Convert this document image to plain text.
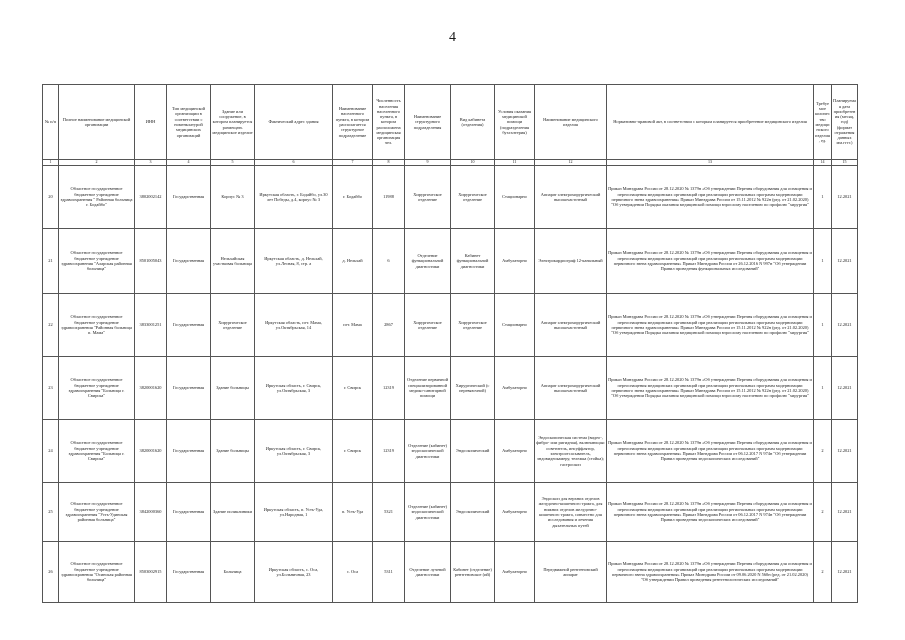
4
№ п/п	Полное наименование медицинской организации	ИНН	Тип медицинской организации в соответствии с номенклатурой медицинских организаций	Здание или сооружение, в котором планируется размещать медицинское изделие	Фактический адрес здания	Наименование населенного пункта, в котором располагается структурное подразделение	Численность населения населенного пункта, в котором расположена медицинская организация чел.	Наименование структурного подразделения	Вид кабинета (отделения)	Условия оказания медицинской помощи (подразделения бухгалтерия)	Наименование медицинского изделия	Нормативно-правовой акт, в соответствии с которым планируется приобретение медицинского изделия	Требуемое количество медицинского изделия, ед.	Планируемая дата приобретения (месяц, год) (формат отражения данных мм.гггг.)
1	2	3	4	5	6	7	8	9	10	11	12	13	14	15
20	Областное государственное бюджетное учреждение здравоохранения " Районная больница г. Бодайбо"	3802002142	Государственная	Корпус № 3	Иркутская область, г. Бодайбо, ул.30 лет Победы, д.4, корпус № 3	г. Бодайбо	11988	Хирургическое отделение	Хирургическое отделение	Стационарно	Аппарат электрохирургический высокочастотный	Приказ Минздрава России от 28.12.2020 № 1379н «Об утверждении Перечня оборудования для оснащения и переоснащения медицинских организаций при реализации региональных программ модернизации первичного звена здравоохранения» Приказ Минздрава России от 15.11.2012 № 922н (ред. от 21.02.2020) "Об утверждении Порядка оказания медицинской помощи взрослому населению по профилю "хирургия"	1	12.2021
21	Областное государственное бюджетное учреждение здравоохранения "Аларская районная больница"	8501005043	Государственная	Нельхайская участковая больница	Иркутская область, д. Нельхай, ул.Лесная, 8, стр. а	д. Нельхай	6	Отделение функциональной диагностики	Кабинет функциональной диагностики	Амбулаторно	Электрокардиограф 12-канальный	Приказ Минздрава России от 28.12.2020 № 1379н «Об утверждении Перечня оборудования для оснащения и переоснащения медицинских организаций при реализации региональных программ модернизации первичного звена здравоохранения» Приказ Минздрава России от 26.12.2016 N 997н "Об утверждении Правил проведения функциональных исследований"	1	12.2021
22	Областное государственное бюджетное учреждение здравоохранения "Районная больница п. Мама"	3833001251	Государственная	Хирургическое отделение	Иркутская область, пгт. Мама, ул.Октябрьская, 14	пгт. Мама	2867	Хирургическое отделение	Хирургическое отделение	Стационарно	Аппарат электрохирургический высокочастотный	Приказ Минздрава России от 28.12.2020 № 1379н «Об утверждении Перечня оборудования для оснащения и переоснащения медицинских организаций при реализации региональных программ модернизации первичного звена здравоохранения» Приказ Минздрава России от 15.11.2012 № 922н (ред. от 21.02.2020) "Об утверждении Порядка оказания медицинской помощи взрослому населению по профилю "хирургия"	1	12.2021
23	Областное государственное бюджетное учреждение здравоохранения "Больница г. Свирска"	3820001620	Государственная	Здание больницы	Иркутская область, г. Свирск, ул.Октябрьская, 3	г. Свирск	12319	Отделение первичной специализированной медико-санитарной помощи	Хирургический (с перевязочной)	Амбулаторно	Аппарат электрохирургический высокочастотный	Приказ Минздрава России от 28.12.2020 № 1379н «Об утверждении Перечня оборудования для оснащения и переоснащения медицинских организаций при реализации региональных программ модернизации первичного звена здравоохранения» Приказ Минздрава России от 15.11.2012 № 922н (ред. от 21.02.2020) "Об утверждении Порядка оказания медицинской помощи взрослому населению по профилю "хирургия"	1	12.2021
24	Областное государственное бюджетное учреждение здравоохранения "Больница г. Свирска"	3820001620	Государственная	Здание больницы	Иркутская область, г. Свирск, ул.Октябрьская, 3	г. Свирск	12319	Отделение (кабинет) эндоскопической диагностики	Эндоскопический	Амбулаторно	Эндоскопическая система (видео-, фибро- или ригидная), включающая: осветитель, инсуффлятор, электроотсасыватель, эндовидеокамеру, тележка (стойка); гастроскоп	Приказ Минздрава России от 28.12.2020 № 1379н «Об утверждении Перечня оборудования для оснащения и переоснащения медицинских организаций при реализации региональных программ модернизации первичного звена здравоохранения» Приказ Минздрава России от 06.12.2017 N 974н "Об утверждении Правил проведения эндоскопических исследований"	2	12.2021
25	Областное государственное бюджетное учреждение здравоохранения "Усть-Удинская районная больница"	3842000360	Государственная	Здание поликлиники	Иркутская область, п. Усть-Уда, ул.Народная, 1	п. Усть-Уда	5321	Отделение (кабинет) эндоскопической диагностики	Эндоскопический	Амбулаторно	Эндоскоп для верхних отделов желудочно-кишечного тракта, для нижних отделов желудочно-кишечного тракта, совместно для исследования и лечения дыхательных путей	Приказ Минздрава России от 28.12.2020 № 1379н «Об утверждении Перечня оборудования для оснащения и переоснащения медицинских организаций при реализации региональных программ модернизации первичного звена здравоохранения» Приказ Минздрава России от 06.12.2017 N 974н "Об утверждении Правил проведения эндоскопических исследований"	2	12.2021
26	Областное государственное бюджетное учреждение здравоохранения "Осинская районная больница"	8503002915	Государственная	Больница	Иркутская область, с. Оса, ул.Больничная, 23	с. Оса	5311	Отделение лучевой диагностики	Кабинет (отделение) рентгеновское (ий)	Амбулаторно	Передвижной рентгеновский аппарат	Приказ Минздрава России от 28.12.2020 № 1379н «Об утверждении Перечня оборудования для оснащения и переоснащения медицинских организаций при реализации региональных программ модернизации первичного звена здравоохранения» Приказ Минздрава России от 09.06.2020 N 560н (ред. от 21.02.2020) "Об утверждении Правил проведения рентгенологических исследований"	2	12.2021
